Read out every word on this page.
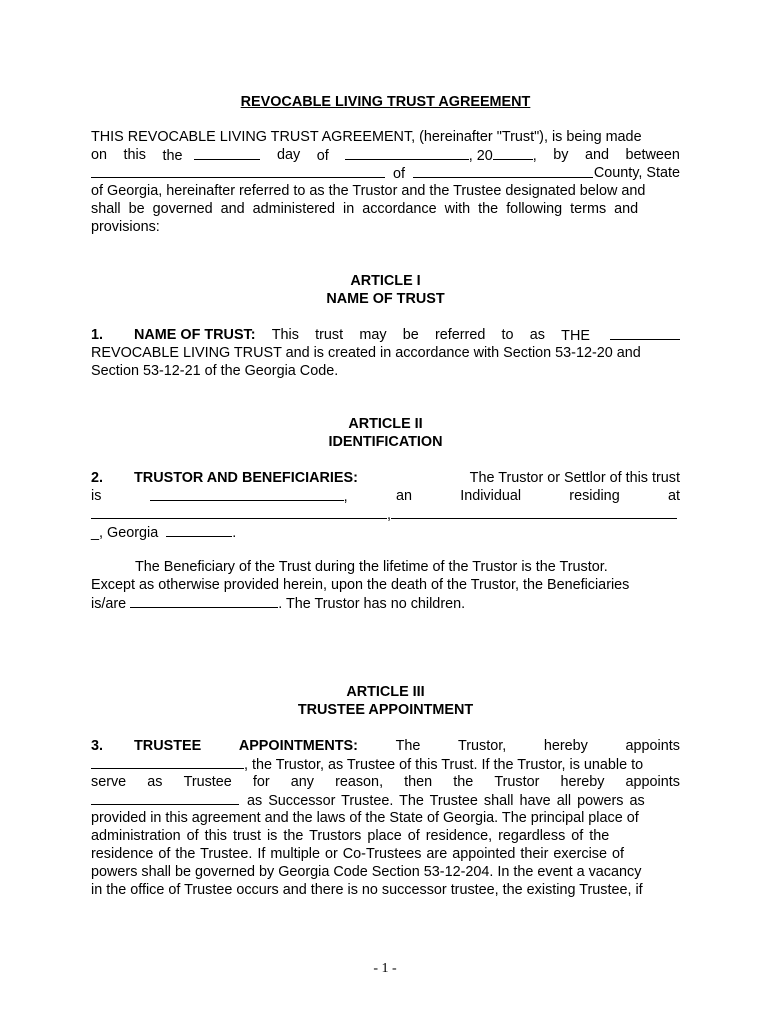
REVOCABLE LIVING TRUST AGREEMENT
THIS REVOCABLE LIVING TRUST AGREEMENT, (hereinafter "Trust"), is being made
on this the	day of	, 20	, by and between
of	County, State
of Georgia, hereinafter referred to as the Trustor and the Trustee designated below and
shall be governed and administered in accordance with the following terms and
provisions:
ARTICLE I
NAME OF TRUST
1. NAME OF TRUST: This trust may be referred to as THE
REVOCABLE LIVING TRUST and is created in accordance with Section 53-12-20 and
Section 53-12-21 of the Georgia Code.
ARTICLE II
IDENTIFICATION
2. TRUSTOR AND BENEFICIARIES:	The Trustor or Settlor of this trust
is	,	an	Individual	residing	at
,
_, Georgia	.
The Beneficiary of the Trust during the lifetime of the Trustor is the Trustor.
Except as otherwise provided herein, upon the death of the Trustor, the Beneficiaries
is/are	. The Trustor has no children.
ARTICLE III
TRUSTEE APPOINTMENT
3. TRUSTEE	APPOINTMENTS:	The	Trustor,	hereby	appoints
, the Trustor, as Trustee of this Trust. If the Trustor, is unable to
serve as Trustee for any reason, then the Trustor hereby appoints
as Successor Trustee. The Trustee shall have all powers as
provided in this agreement and the laws of the State of Georgia. The principal place of
administration of this trust is the Trustors place of residence, regardless of the
residence of the Trustee. If multiple or Co-Trustees are appointed their exercise of
powers shall be governed by Georgia Code Section 53-12-204. In the event a vacancy
in the office of Trustee occurs and there is no successor trustee, the existing Trustee, if
- 1 -
